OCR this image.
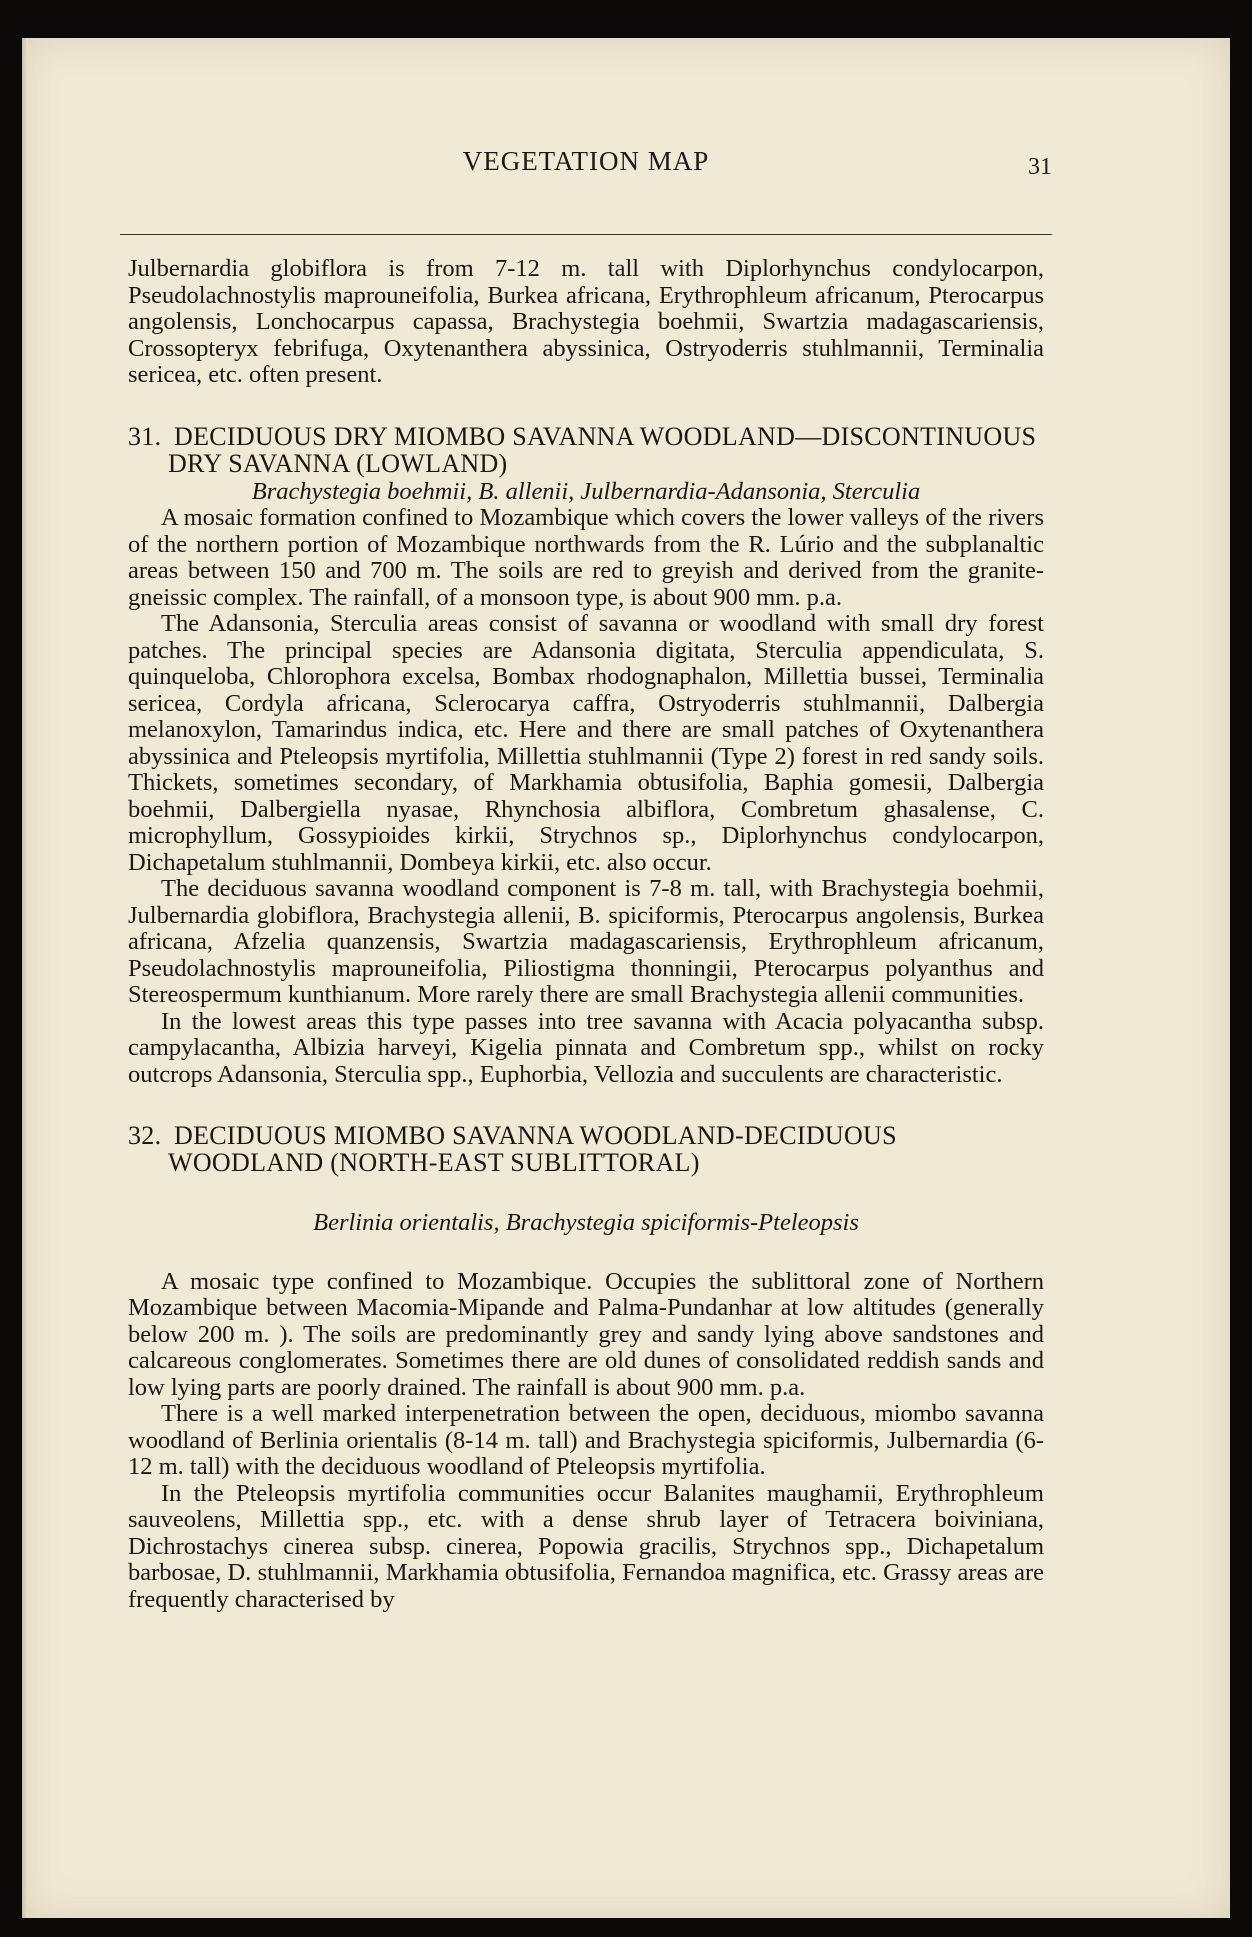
VEGETATION MAP	31

Julbernardia globiflora is from 7-12 m. tall with Diplorhynchus condylocarpon, Pseudolachnostylis maprouneifolia, Burkea africana, Erythrophleum africanum, Pterocarpus angolensis, Lonchocarpus capassa, Brachystegia boehmii, Swartzia madagascariensis, Crossopteryx febrifuga, Oxytenanthera abyssinica, Ostryoderris stuhlmannii, Terminalia sericea, etc. often present.

31. DECIDUOUS DRY MIOMBO SAVANNA WOODLAND—DISCONTINUOUS DRY SAVANNA (LOWLAND)

Brachystegia boehmii, B. allenii, Julbernardia-Adansonia, Sterculia

A mosaic formation confined to Mozambique which covers the lower valleys of the rivers of the northern portion of Mozambique northwards from the R. Lúrio and the subplanaltic areas between 150 and 700 m. The soils are red to greyish and derived from the granite-gneissic complex. The rainfall, of a monsoon type, is about 900 mm. p.a.

The Adansonia, Sterculia areas consist of savanna or woodland with small dry forest patches. The principal species are Adansonia digitata, Sterculia appendiculata, S. quinqueloba, Chlorophora excelsa, Bombax rhodognaphalon, Millettia bussei, Terminalia sericea, Cordyla africana, Sclerocarya caffra, Ostryoderris stuhlmannii, Dalbergia melanoxylon, Tamarindus indica, etc. Here and there are small patches of Oxytenanthera abyssinica and Pteleopsis myrtifolia, Millettia stuhlmannii (Type 2) forest in red sandy soils. Thickets, sometimes secondary, of Markhamia obtusifolia, Baphia gomesii, Dalbergia boehmii, Dalbergiella nyasae, Rhynchosia albiflora, Combretum ghasalense, C. microphyllum, Gossypioides kirkii, Strychnos sp., Diplorhynchus condylocarpon, Dichapetalum stuhlmannii, Dombeya kirkii, etc. also occur.

The deciduous savanna woodland component is 7-8 m. tall, with Brachystegia boehmii, Julbernardia globiflora, Brachystegia allenii, B. spiciformis, Pterocarpus angolensis, Burkea africana, Afzelia quanzensis, Swartzia madagascariensis, Erythrophleum africanum, Pseudolachnostylis maprouneifolia, Piliostigma thonningii, Pterocarpus polyanthus and Stereospermum kunthianum. More rarely there are small Brachystegia allenii communities.

In the lowest areas this type passes into tree savanna with Acacia polyacantha subsp. campylacantha, Albizia harveyi, Kigelia pinnata and Combretum spp., whilst on rocky outcrops Adansonia, Sterculia spp., Euphorbia, Vellozia and succulents are characteristic.

32. DECIDUOUS MIOMBO SAVANNA WOODLAND-DECIDUOUS WOODLAND (NORTH-EAST SUBLITTORAL)

Berlinia orientalis, Brachystegia spiciformis-Pteleopsis

A mosaic type confined to Mozambique. Occupies the sublittoral zone of Northern Mozambique between Macomia-Mipande and Palma-Pundanhar at low altitudes (generally below 200 m. ). The soils are predominantly grey and sandy lying above sandstones and calcareous conglomerates. Sometimes there are old dunes of consolidated reddish sands and low lying parts are poorly drained. The rainfall is about 900 mm. p.a.

There is a well marked interpenetration between the open, deciduous, miombo savanna woodland of Berlinia orientalis (8-14 m. tall) and Brachystegia spiciformis, Julbernardia (6-12 m. tall) with the deciduous woodland of Pteleopsis myrtifolia.

In the Pteleopsis myrtifolia communities occur Balanites maughamii, Erythrophleum sauveolens, Millettia spp., etc. with a dense shrub layer of Tetracera boiviniana, Dichrostachys cinerea subsp. cinerea, Popowia gracilis, Strychnos spp., Dichapetalum barbosae, D. stuhlmannii, Markhamia obtusifolia, Fernandoa magnifica, etc. Grassy areas are frequently characterised by
